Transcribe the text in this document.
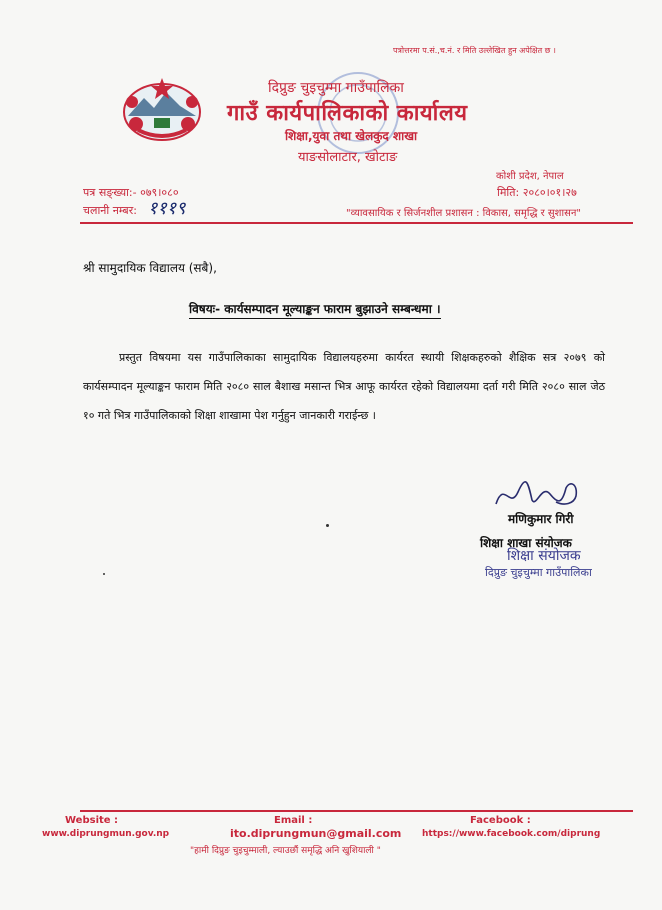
पत्रोत्तरमा प.सं.,च.नं. र मिति उल्लेखित हुन अपेक्षित छ ।
दिप्रुङ चुइचुम्मा गाउँपालिका
गाउँ कार्यपालिकाको कार्यालय
शिक्षा,युवा तथा खेलकुद शाखा
याङसोलाटार, खोटाङ
कोशी प्रदेश, नेपाल
मिति: २०८०।०१।२७
पत्र सङ्ख्या:- ०७९।०८०
चलानी नम्बर: १११९	"व्यावसायिक र सिर्जनशील प्रशासन : विकास, समृद्धि र सुशासन"
श्री सामुदायिक विद्यालय (सबै),
विषयः- कार्यसम्पादन मूल्याङ्कन फाराम बुझाउने सम्बन्धमा ।
प्रस्तुत विषयमा यस गाउँपालिकाका सामुदायिक विद्यालयहरुमा कार्यरत स्थायी शिक्षकहरुको शैक्षिक सत्र २०७९ को कार्यसम्पादन मूल्याङ्कन फाराम मिति २०८० साल बैशाख मसान्त भित्र आफू कार्यरत रहेको विद्यालयमा दर्ता गरी मिति २०८० साल जेठ १० गते भित्र गाउँपालिकाको शिक्षा शाखामा पेश गर्नुहुन जानकारी गराईन्छ ।
मणिकुमार गिरी
शिक्षा शाखा संयोजक
शिक्षा संयोजक
दिप्रुङ चुइचुम्मा गाउँपालिका
Website :
www.diprungmun.gov.np
Email :
ito.diprungmun@gmail.com
Facebook :
https://www.facebook.com/diprung
"हामी दिप्रुङ चुइचुम्माली, ल्याउछौं समृद्धि अनि खुशियाली "
